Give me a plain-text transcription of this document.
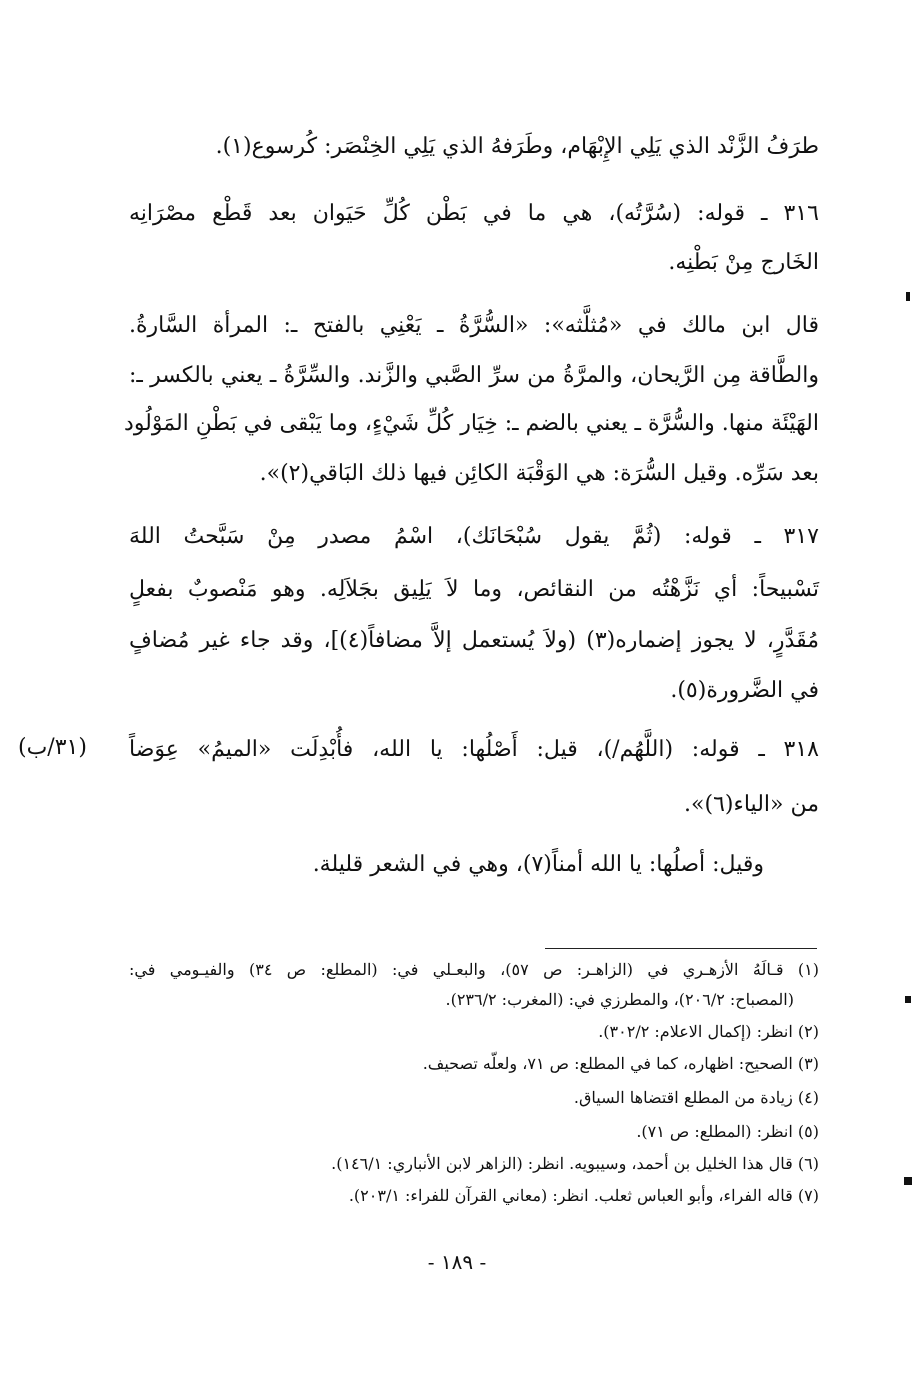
طرَفُ الزَّنْد الذي يَلِي الإِبْهَام، وطَرَفهُ الذي يَلِي الخِنْصَر: كُرسوع(١).
٣١٦ ـ قوله: (سُرَّتُه)، هي ما في بَطْن كُلِّ حَيَوان بعد قَطْع مصْرَانِه
الخَارج مِنْ بَطْنِه.
قال ابن مالك في «مُثلَّثه»: «السُّرَّةُ ـ يَعْنِي بالفتح ـ: المرأة السَّارةُ.
والطَّاقة مِن الرَّيحان، والمرَّةُ من سرِّ الصَّبي والزَّند. والسِّرَّةُ ـ يعني بالكسر ـ:
الهَيْئَة منها. والسُّرَّة ـ يعني بالضم ـ: خِيَار كُلِّ شَيْءٍ، وما يَبْقى في بَطْنِ المَوْلُود
بعد سَرِّه. وقيل السُّرَة: هي الوَقْبَة الكائِن فيها ذلك البَاقي(٢)».
٣١٧ ـ قوله: (ثُمَّ يقول سُبْحَانَك)، اسْمُ مصدر مِنْ سَبَّحتُ اللهَ
تَسْبيحاً: أي نَزَّهْتُه من النقائص، وما لاَ يَلِيق بجَلاَلِه. وهو مَنْصوبٌ بفعلٍ
مُقَدَّرٍ، لا يجوز إضماره(٣) (ولاَ يُستعمل إلاَّ مضافاً(٤)]، وقد جاء غير مُضافٍ
في الضَّرورة(٥).
٣١٨ ـ قوله: (اللَّهُم/)، قيل: أَصْلُها: يا الله، فأُبْدِلَت «الميمُ» عِوَضاً
من «الياء(٦)».
وقيل: أصلُها: يا الله أمناً(٧)، وهي في الشعر قليلة.
(٣١/ب)
(١) قـالَهُ الأزهـري في (الزاهـر: ص ٥٧)، والبعـلي في: (المطلع: ص ٣٤) والفيـومي في:
(المصباح: ٢٠٦/٢)، والمطرزي في: (المغرب: ٢٣٦/٢).
(٢) انظر: (إكمال الاعلام: ٣٠٢/٢).
(٣) الصحيح: اظهاره، كما في المطلع: ص ٧١، ولعلّه تصحيف.
(٤) زيادة من المطلع اقتضاها السياق.
(٥) انظر: (المطلع: ص ٧١).
(٦) قال هذا الخليل بن أحمد، وسيبويه. انظر: (الزاهر لابن الأنباري: ١٤٦/١).
(٧) قاله الفراء، وأبو العباس ثعلب. انظر: (معاني القرآن للفراء: ٢٠٣/١).
- ١٨٩ -
